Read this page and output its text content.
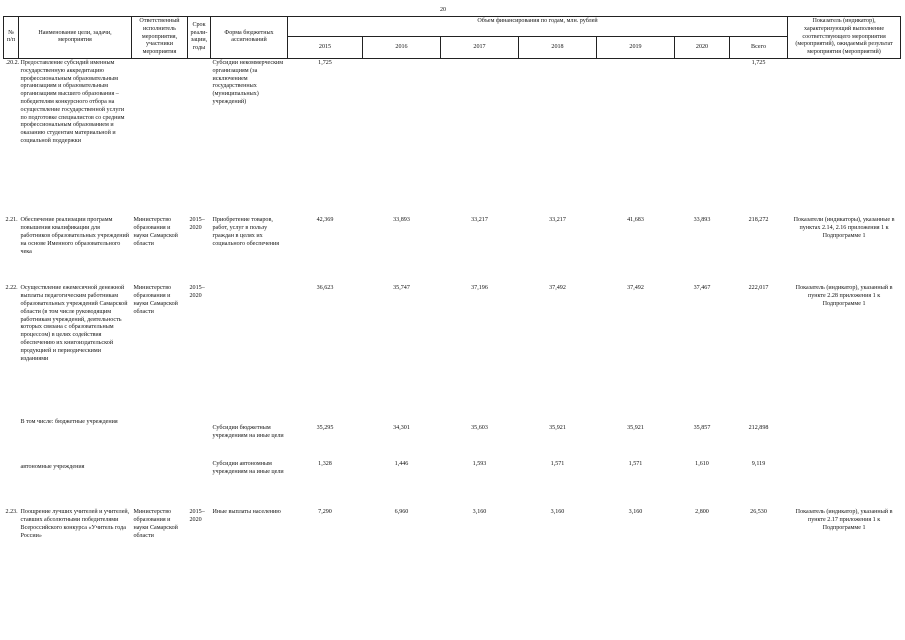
20
№ п/п	Наименование цели, задачи, мероприятия	Ответственный исполнитель мероприятия, участники мероприятия	Срок реали-зации, годы	Форма бюджетных ассигнований	Объем финансирования по годам, млн. рублей							Показатель (индикатор), характеризующий выполнение соответствующего мероприятия (мероприятий), ожидаемый результат мероприятия (мероприятий)
					2015	2016	2017	2018	2019	2020	Всего	
.20.2.	Предоставление субсидий именным государственную аккредитацию профессиональным образовательным организациям и образовательным организациям высшего образования – победителям конкурсного отбора на осуществление государственной услуги по подготовке специалистов со средним профессиональным образованием и оказанию студентам материальной и социальной поддержки			Субсидии некоммерческим организациям (за исключением государственных (муниципальных) учреждений)	1,725						1,725	
2.21.	Обеспечение реализации программ повышения квалификации для работников образовательных учреждений на основе Именного образовательного чека	Министерство образования и науки Самарской области	2015–2020	Приобретение товаров, работ, услуг в пользу граждан в целях их социального обеспечения	42,369	33,893	33,217	33,217	41,683	33,893	218,272	Показатели (индикаторы), указанные в пунктах 2.14, 2.16 приложения 1 к Подпрограмме 1
2.22.	Осуществление ежемесячной денежной выплаты педагогическим работникам образовательных учреждений Самарской области (в том числе руководящим работникам учреждений, деятельность которых связана с образовательным процессом) в целях содействия обеспечению их книгоиздательской продукцией и периодическими изданиями	Министерство образования и науки Самарской области	2015–2020		36,623	35,747	37,196	37,492	37,492	37,467	222,017	Показатель (индикатор), указанный в пункте 2.28 приложения 1 к Подпрограмме 1
	В том числе: бюджетные учреждения			Субсидии бюджетным учреждениям на иные цели	35,295	34,301	35,603	35,921	35,921	35,857	212,898	
	автономные учреждения			Субсидии автономным учреждениям на иные цели	1,328	1,446	1,593	1,571	1,571	1,610	9,119	
2.23.	Поощрение лучших учителей и учителей, ставших абсолютными победителями Всероссийского конкурса «Учитель года России»	Министерство образования и науки Самарской области	2015–2020	Иные выплаты населению	7,290	6,960	3,160	3,160	3,160	2,800	26,530	Показатель (индикатор), указанный в пункте 2.17 приложения 1 к Подпрограмме 1
